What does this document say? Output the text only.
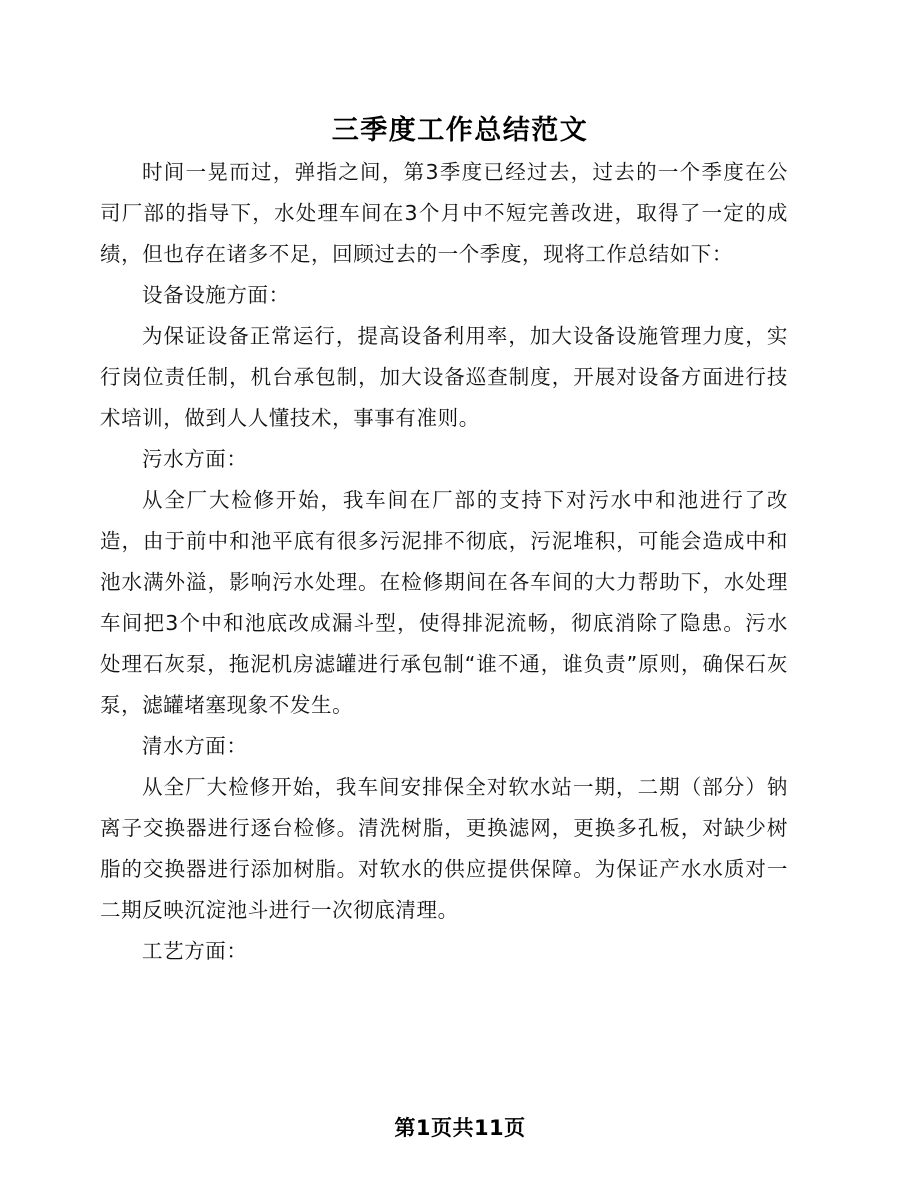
三季度工作总结范文

时间一晃而过，弹指之间，第3季度已经过去，过去的一个季度在公司厂部的指导下，水处理车间在3个月中不短完善改进，取得了一定的成绩，但也存在诸多不足，回顾过去的一个季度，现将工作总结如下：

设备设施方面：

为保证设备正常运行，提高设备利用率，加大设备设施管理力度，实行岗位责任制，机台承包制，加大设备巡查制度，开展对设备方面进行技术培训，做到人人懂技术，事事有准则。

污水方面：

从全厂大检修开始，我车间在厂部的支持下对污水中和池进行了改造，由于前中和池平底有很多污泥排不彻底，污泥堆积，可能会造成中和池水满外溢，影响污水处理。在检修期间在各车间的大力帮助下，水处理车间把3个中和池底改成漏斗型，使得排泥流畅，彻底消除了隐患。污水处理石灰泵，拖泥机房滤罐进行承包制“谁不通，谁负责”原则，确保石灰泵，滤罐堵塞现象不发生。

清水方面：

从全厂大检修开始，我车间安排保全对软水站一期，二期（部分）钠离子交换器进行逐台检修。清洗树脂，更换滤网，更换多孔板，对缺少树脂的交换器进行添加树脂。对软水的供应提供保障。为保证产水水质对一二期反映沉淀池斗进行一次彻底清理。

工艺方面：

第1页共11页
